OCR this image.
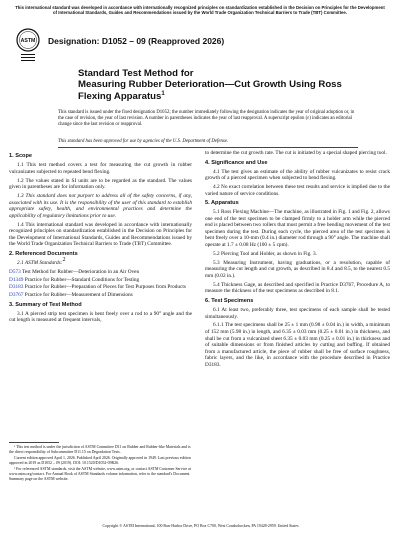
This international standard was developed in accordance with internationally recognized principles on standardization established in the Decision on Principles for the Development of International Standards, Guides and Recommendations issued by the World Trade Organization Technical Barriers to Trade (TBT) Committee.
ASTM Designation: D1052 – 09 (Reapproved 2026)
Standard Test Method for
Measuring Rubber Deterioration—Cut Growth Using Ross
Flexing Apparatus$^1$
This standard is issued under the fixed designation D1052; the number immediately following the designation indicates the year of original adoption or, in the case of revision, the year of last revision. A number in parentheses indicates the year of last reapproval. A superscript epsilon (ε) indicates an editorial change since the last revision or reapproval.
This standard has been approved for use by agencies of the U.S. Department of Defense.
1. Scope

1.1 This test method covers a test for measuring the cut growth in rubber vulcanizates subjected to repeated bend flexing.

1.2 The values stated in SI units are to be regarded as the standard. The values given in parentheses are for information only.

1.3 This standard does not purport to address all of the safety concerns, if any, associated with its use. It is the responsibility of the user of this standard to establish appropriate safety, health, and environmental practices and determine the applicability of regulatory limitations prior to use.

1.4 This international standard was developed in accordance with internationally recognized principles on standardization established in the Decision on Principles for the Development of International Standards, Guides and Recommendations issued by the World Trade Organization Technical Barriers to Trade (TBT) Committee.

2. Referenced Documents

2.1 ASTM Standards:2

D573 Test Method for Rubber—Deterioration in an Air Oven
D1349 Practice for Rubber—Standard Conditions for Testing
D3183 Practice for Rubber—Preparation of Pieces for Test Purposes from Products
D3767 Practice for Rubber—Measurement of Dimensions
3. Summary of Test Method

3.1 A pierced strip test specimen is bent freely over a rod to a 90° angle and the cut length is measured at frequent intervals,

¹ This test method is under the jurisdiction of ASTM Committee D11 on Rubber and Rubber-like Materials and is the direct responsibility of Subcommittee D11.15 on Degradation Tests.

Current edition approved April 1, 2026. Published April 2026. Originally approved in 1949. Last previous edition approved in 2019 as D1052 – 09 (2019). DOI: 10.1520/D1052-09R26.

² For referenced ASTM standards, visit the ASTM website, www.astm.org, or contact ASTM Customer Service at www.astm.org/contact. For Annual Book of ASTM Standards volume information, refer to the standard's Document Summary page on the ASTM website.

to determine the cut growth rate. The cut is initiated by a special shaped piercing tool.

4. Significance and Use

4.1 The test gives an estimate of the ability of rubber vulcanizates to resist crack growth of a pierced specimen when subjected to bend flexing.

4.2 No exact correlation between these test results and service is implied due to the varied nature of service conditions.

5. Apparatus

5.1 Ross Flexing Machine—The machine, as illustrated in Fig. 1 and Fig. 2, allows one end of the test specimen to be clamped firmly to a holder arm while the pierced end is placed between two rollers that most permit a free bending movement of the test specimen during the test. During each cycle, the pierced area of the test specimen is bent freely over a 10-mm (0.4 in.) diameter rod through a 90° angle. The machine shall operate at 1.7 ± 0.08 Hz (100 ± 5 cpm).

5.2 Piercing Tool and Holder, as shown in Fig. 3.

5.3 Measuring Instrument, having graduations, or a resolution, capable of measuring the cut length and cut growth, as described in 8.4 and 8.5, to the nearest 0.5 mm (0.02 in.).

5.4 Thickness Gage, as described and specified in Practice D3767, Procedure A, to measure the thickness of the test specimens as described in 8.1.

6. Test Specimens

6.1 At least two, preferably three, test specimens of each sample shall be tested simultaneously.

6.1.1 The test specimens shall be 25 ± 1 mm (0.98 ± 0.04 in.) in width, a minimum of 152 mm (5.98 in.) in length, and 6.35 ± 0.03 mm (0.25 ± 0.01 in.) in thickness, and shall be cut from a vulcanized sheet 6.35 ± 0.03 mm (0.25 ± 0.01 in.) in thickness and of suitable dimensions or from finished articles by cutting and buffing. If obtained from a manufactured article, the piece of rubber shall be free of surface roughness, fabric layers, and the like, in accordance with the procedure described in Practice D3183.

Copyright © ASTM International, 100 Barr Harbor Drive, PO Box C700, West Conshohocken, PA 19428-2959. United States
